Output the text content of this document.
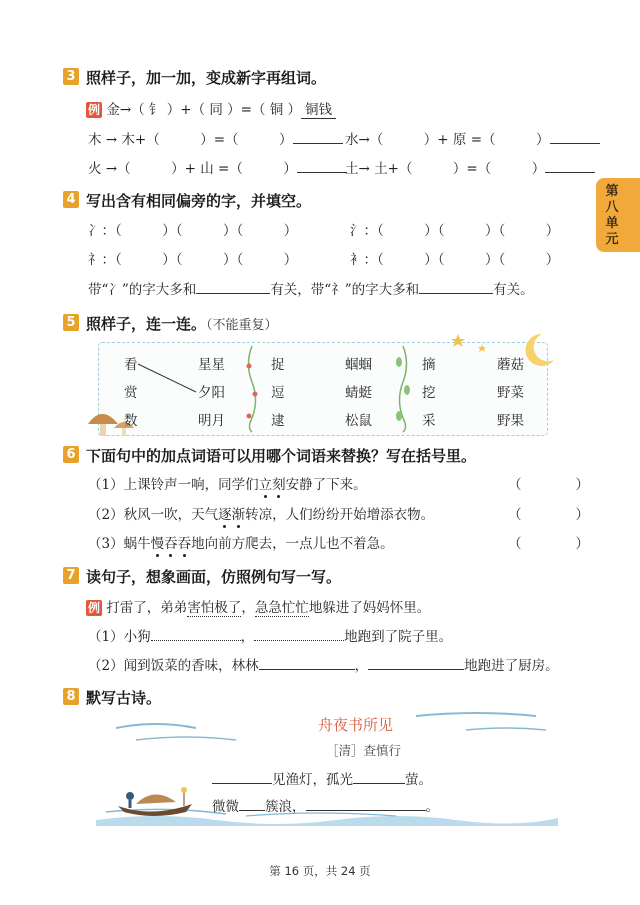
第八单元
3 照样子，加一加，变成新字再组词。
例 金→（ 钅 ）+（ 同 ）=（ 铜 ） 铜钱
木 → 木+（　　　）=（　　　）	水→（　　　）+ 原 =（　　　）
火 →（　　　）+ 山 =（　　　）	土→ 土+（　　　）=（　　　）
4 写出含有相同偏旁的字，并填空。
冫：（　　　）（　　　）（　　　）	氵：（　　　）（　　　）（　　　）
礻：（　　　）（　　　）（　　　）	衤：（　　　）（　　　）（　　　）
带“冫”的字大多和	有关，带“礻”的字大多和	有关。
5 照样子，连一连。（不能重复）
看
赏
数
星星
夕阳
明月
捉
逗
逮
蝈蝈
蜻蜓
松鼠
摘
挖
采
蘑菇
野菜
野果
6 下面句中的加点词语可以用哪个词语来替换？写在括号里。
（1）上课铃声一响，同学们立刻安静了下来。	（　　　　）
（2）秋风一吹，天气逐渐转凉，人们纷纷开始增添衣物。	（　　　　）
（3）蜗牛慢吞吞地向前方爬去，一点儿也不着急。	（　　　　）
7 读句子，想象画面，仿照例句写一写。
例 打雷了，弟弟害怕极了，急急忙忙地躲进了妈妈怀里。
（1）小狗	，	地跑到了院子里。
（2）闻到饭菜的香味，林林	，	地跑进了厨房。
8 默写古诗。
舟夜书所见
［清］查慎行
见渔灯，孤光	萤。
微微 簇浪，	。
第 16 页，共 24 页
